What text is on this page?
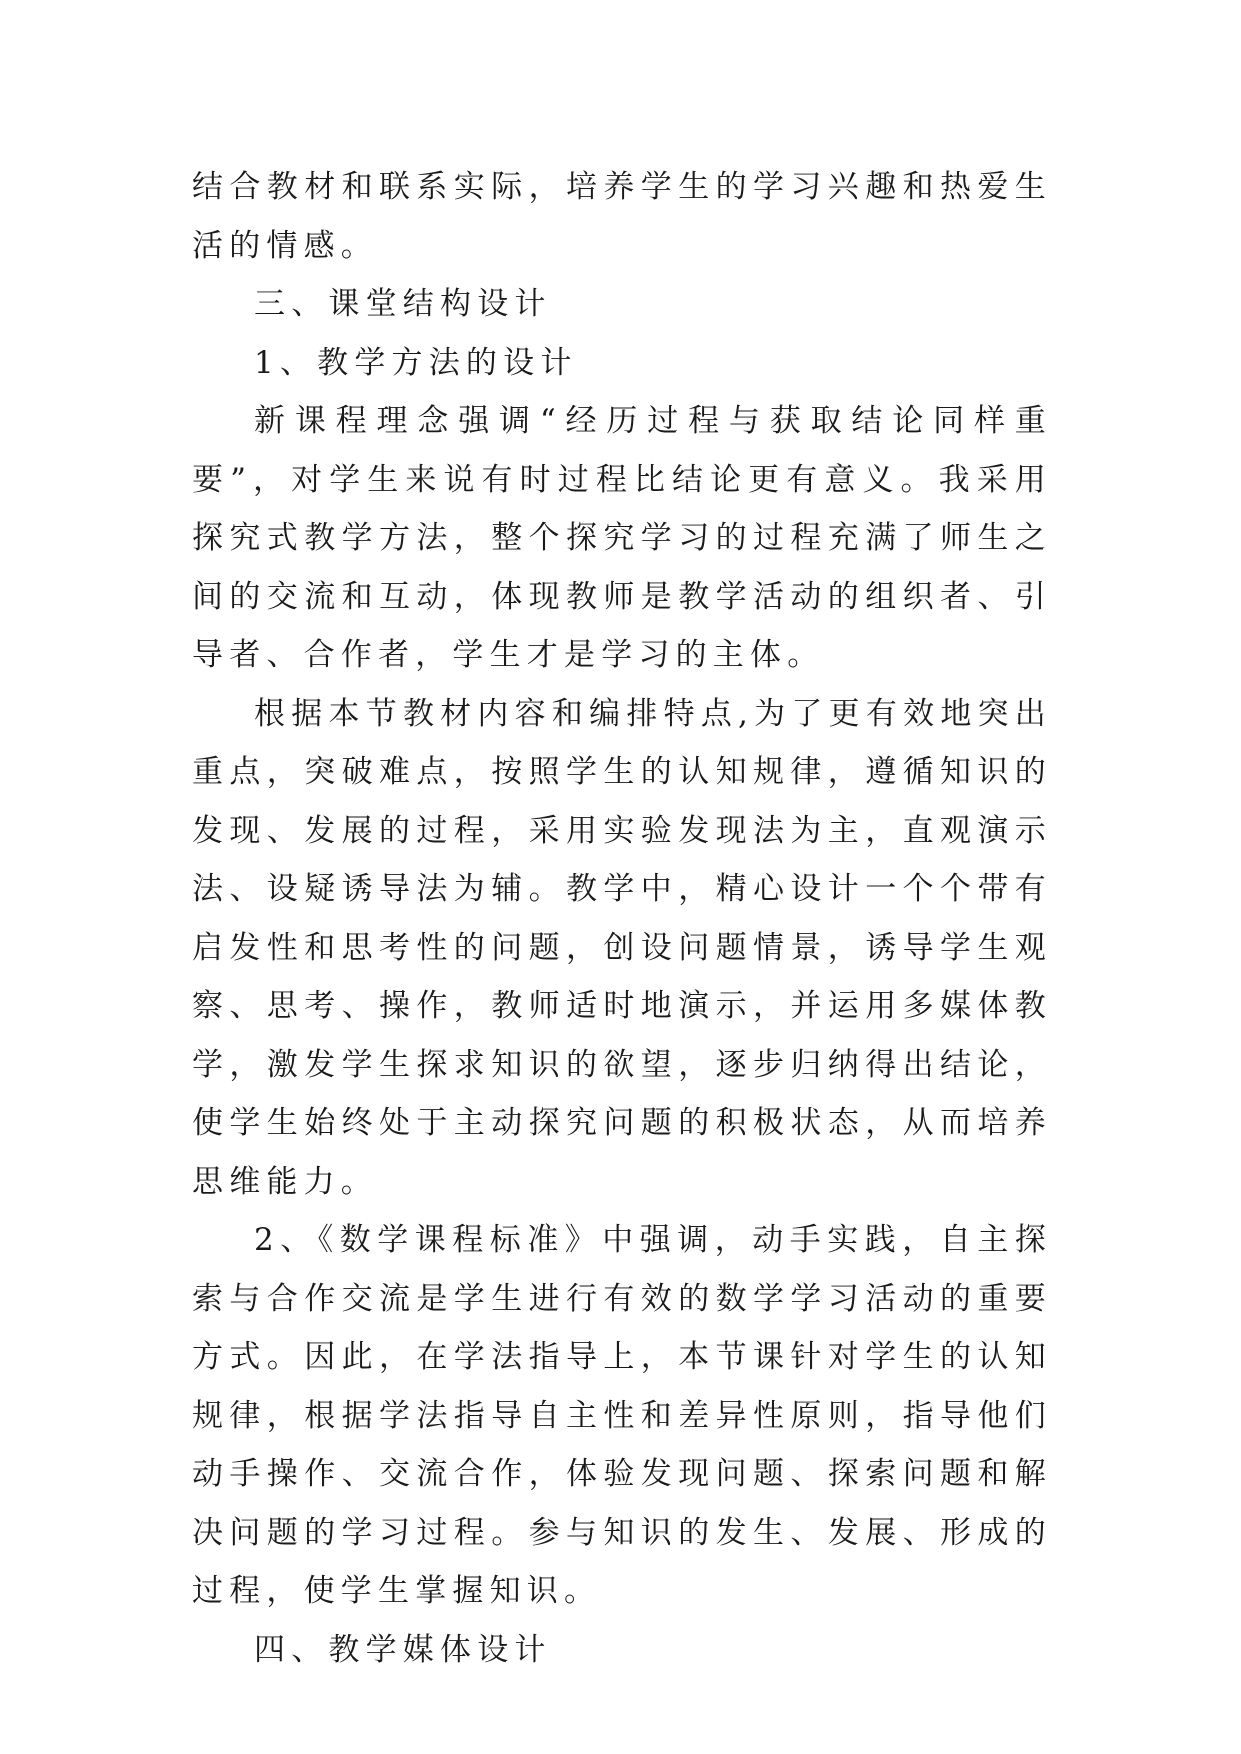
结合教材和联系实际，培养学生的学习兴趣和热爱生活的情感。

三、课堂结构设计

1、教学方法的设计

新课程理念强调“经历过程与获取结论同样重要”，对学生来说有时过程比结论更有意义。我采用探究式教学方法，整个探究学习的过程充满了师生之间的交流和互动，体现教师是教学活动的组织者、引导者、合作者，学生才是学习的主体。

根据本节教材内容和编排特点,为了更有效地突出重点，突破难点，按照学生的认知规律，遵循知识的发现、发展的过程，采用实验发现法为主，直观演示法、设疑诱导法为辅。教学中，精心设计一个个带有启发性和思考性的问题，创设问题情景，诱导学生观察、思考、操作，教师适时地演示，并运用多媒体教学，激发学生探求知识的欲望，逐步归纳得出结论，使学生始终处于主动探究问题的积极状态，从而培养思维能力。

2、《数学课程标准》中强调，动手实践，自主探索与合作交流是学生进行有效的数学学习活动的重要方式。因此，在学法指导上，本节课针对学生的认知规律，根据学法指导自主性和差异性原则，指导他们动手操作、交流合作，体验发现问题、探索问题和解决问题的学习过程。参与知识的发生、发展、形成的过程，使学生掌握知识。

四、教学媒体设计
